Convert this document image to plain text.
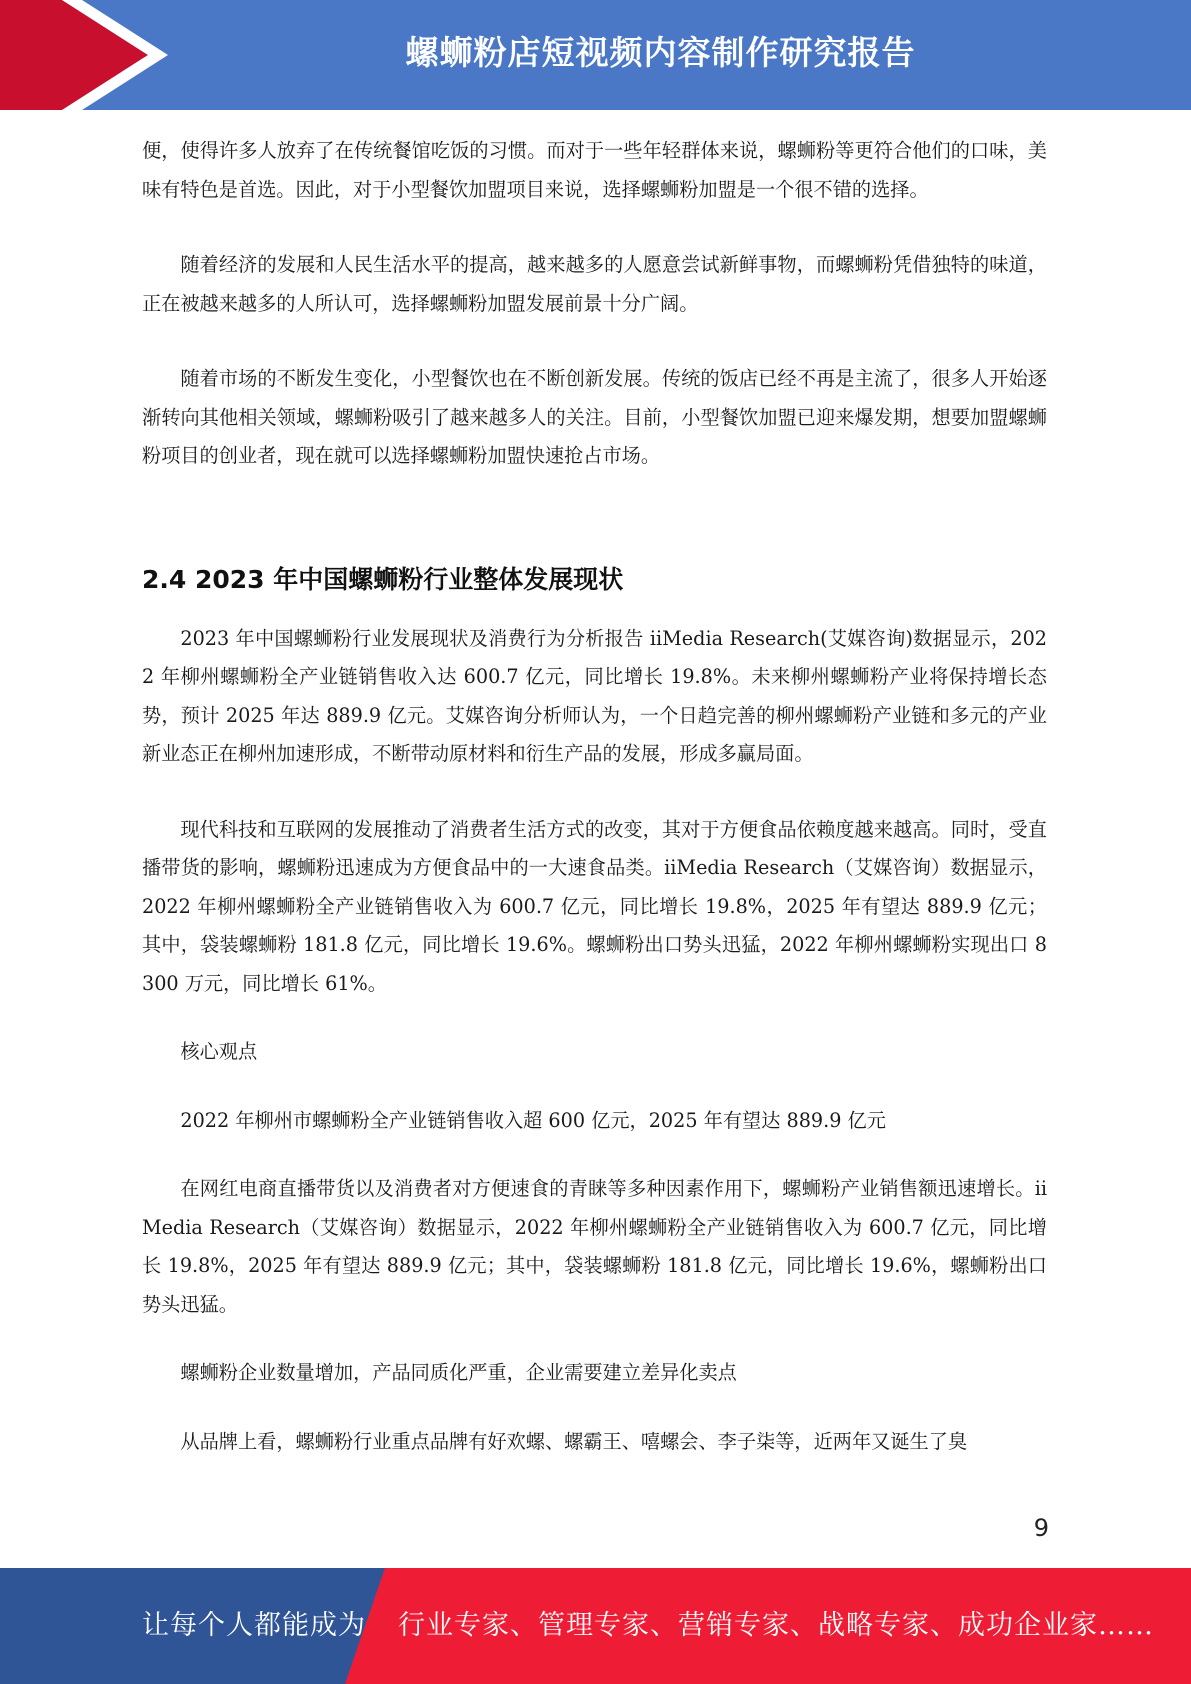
螺蛳粉店短视频内容制作研究报告

便，使得许多人放弃了在传统餐馆吃饭的习惯。而对于一些年轻群体来说，螺蛳粉等更符合他们的口味，美味有特色是首选。因此，对于小型餐饮加盟项目来说，选择螺蛳粉加盟是一个很不错的选择。

随着经济的发展和人民生活水平的提高，越来越多的人愿意尝试新鲜事物，而螺蛳粉凭借独特的味道，正在被越来越多的人所认可，选择螺蛳粉加盟发展前景十分广阔。

随着市场的不断发生变化，小型餐饮也在不断创新发展。传统的饭店已经不再是主流了，很多人开始逐渐转向其他相关领域，螺蛳粉吸引了越来越多人的关注。目前，小型餐饮加盟已迎来爆发期，想要加盟螺蛳粉项目的创业者，现在就可以选择螺蛳粉加盟快速抢占市场。

2.4 2023 年中国螺蛳粉行业整体发展现状

2023 年中国螺蛳粉行业发展现状及消费行为分析报告 iiMedia Research(艾媒咨询)数据显示，2022 年柳州螺蛳粉全产业链销售收入达 600.7 亿元，同比增长 19.8%。未来柳州螺蛳粉产业将保持增长态势，预计 2025 年达 889.9 亿元。艾媒咨询分析师认为，一个日趋完善的柳州螺蛳粉产业链和多元的产业新业态正在柳州加速形成，不断带动原材料和衍生产品的发展，形成多赢局面。

现代科技和互联网的发展推动了消费者生活方式的改变，其对于方便食品依赖度越来越高。同时，受直播带货的影响，螺蛳粉迅速成为方便食品中的一大速食品类。iiMedia Research（艾媒咨询）数据显示，2022 年柳州螺蛳粉全产业链销售收入为 600.7 亿元，同比增长 19.8%，2025 年有望达 889.9 亿元；其中，袋装螺蛳粉 181.8 亿元，同比增长 19.6%。螺蛳粉出口势头迅猛，2022 年柳州螺蛳粉实现出口 8300 万元，同比增长 61%。

核心观点

2022 年柳州市螺蛳粉全产业链销售收入超 600 亿元，2025 年有望达 889.9 亿元

在网红电商直播带货以及消费者对方便速食的青睐等多种因素作用下，螺蛳粉产业销售额迅速增长。iiMedia Research（艾媒咨询）数据显示，2022 年柳州螺蛳粉全产业链销售收入为 600.7 亿元，同比增长 19.8%，2025 年有望达 889.9 亿元；其中，袋装螺蛳粉 181.8 亿元，同比增长 19.6%，螺蛳粉出口势头迅猛。

螺蛳粉企业数量增加，产品同质化严重，企业需要建立差异化卖点

从品牌上看，螺蛳粉行业重点品牌有好欢螺、螺霸王、嘻螺会、李子柒等，近两年又诞生了臭

9
让每个人都能成为 行业专家、管理专家、营销专家、战略专家、成功企业家……
